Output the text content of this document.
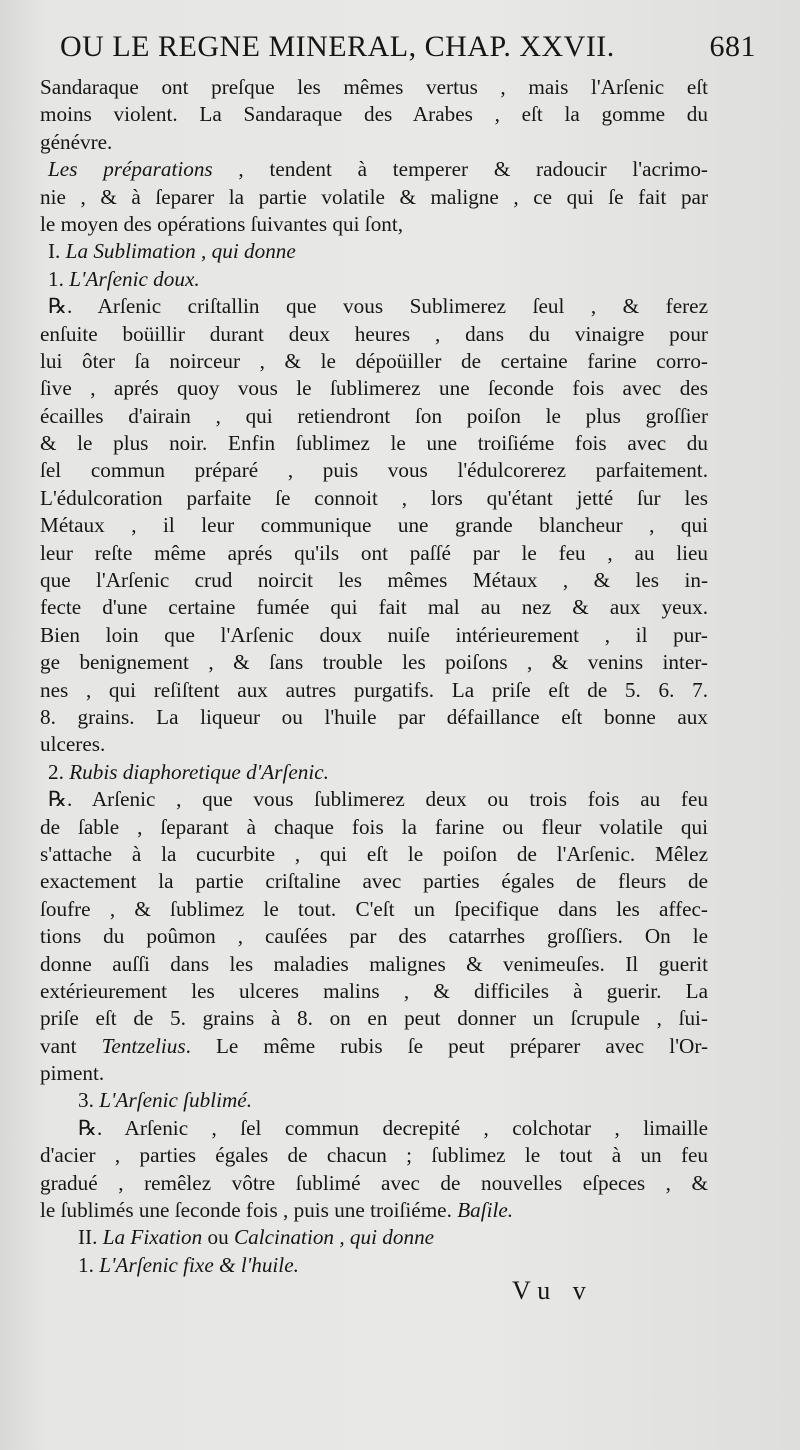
OU LE REGNE MINERAL, CHAP. XXVII.	681
Sandaraque ont preſque les mêmes vertus , mais l'Arſenic eſt
moins violent. La Sandaraque des Arabes , eſt la gomme du
génévre.
Les préparations , tendent à temperer & radoucir l'acrimo-
nie , & à ſeparer la partie volatile & maligne , ce qui ſe fait par
le moyen des opérations ſuivantes qui ſont,
I. La Sublimation , qui donne
1. L'Arſenic doux.
℞. Arſenic criſtallin que vous Sublimerez ſeul , & ferez
enſuite boüillir durant deux heures , dans du vinaigre pour
lui ôter ſa noirceur , & le dépoüiller de certaine farine corro-
ſive , aprés quoy vous le ſublimerez une ſeconde fois avec des
écailles d'airain , qui retiendront ſon poiſon le plus groſſier
& le plus noir. Enfin ſublimez le une troiſiéme fois avec du
ſel commun préparé , puis vous l'édulcorerez parfaitement.
L'édulcoration parfaite ſe connoit , lors qu'étant jetté ſur les
Métaux , il leur communique une grande blancheur , qui
leur reſte même aprés qu'ils ont paſſé par le feu , au lieu
que l'Arſenic crud noircit les mêmes Métaux , & les in-
fecte d'une certaine fumée qui fait mal au nez & aux yeux.
Bien loin que l'Arſenic doux nuiſe intérieurement , il pur-
ge benignement , & ſans trouble les poiſons , & venins inter-
nes , qui reſiſtent aux autres purgatifs. La priſe eſt de 5. 6. 7.
8. grains. La liqueur ou l'huile par défaillance eſt bonne aux
ulceres.
2. Rubis diaphoretique d'Arſenic.
℞. Arſenic , que vous ſublimerez deux ou trois fois au feu
de ſable , ſeparant à chaque fois la farine ou fleur volatile qui
s'attache à la cucurbite , qui eſt le poiſon de l'Arſenic. Mêlez
exactement la partie criſtaline avec parties égales de fleurs de
ſoufre , & ſublimez le tout. C'eſt un ſpecifique dans les affec-
tions du poûmon , cauſées par des catarrhes groſſiers. On le
donne auſſi dans les maladies malignes & venimeuſes. Il guerit
extérieurement les ulceres malins , & difficiles à guerir. La
priſe eſt de 5. grains à 8. on en peut donner un ſcrupule , ſui-
vant Tentzelius. Le même rubis ſe peut préparer avec l'Or-
piment.
3. L'Arſenic ſublimé.
℞. Arſenic , ſel commun decrepité , colchotar , limaille
d'acier , parties égales de chacun ; ſublimez le tout à un feu
gradué , remêlez vôtre ſublimé avec de nouvelles eſpeces , &
le ſublimés une ſeconde fois , puis une troiſiéme. Baſile.
II. La Fixation ou Calcination , qui donne
1. L'Arſenic fixe & l'huile.
Vu v
